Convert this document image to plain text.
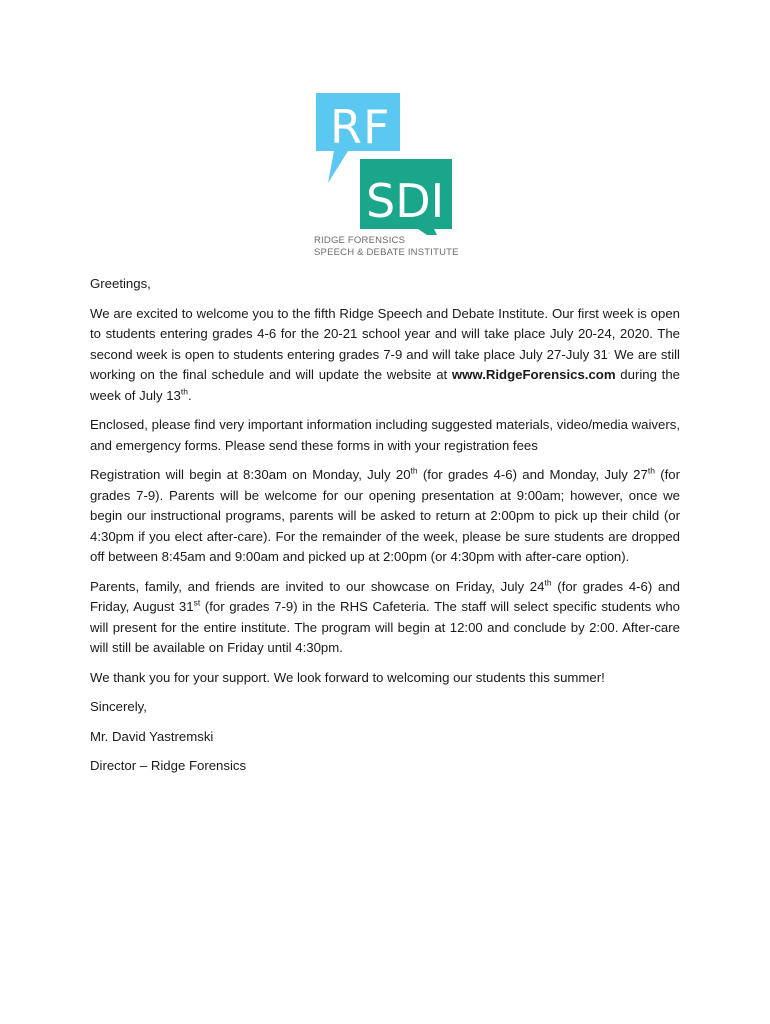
RF
SDI
RIDGE FORENSICS
SPEECH & DEBATE INSTITUTE

Greetings,

We are excited to welcome you to the fifth Ridge Speech and Debate Institute. Our first week is open to students entering grades 4-6 for the 20-21 school year and will take place July 20-24, 2020. The second week is open to students entering grades 7-9 and will take place July 27-July 31. We are still working on the final schedule and will update the website at www.RidgeForensics.com during the week of July 13th.

Enclosed, please find very important information including suggested materials, video/media waivers, and emergency forms. Please send these forms in with your registration fees

Registration will begin at 8:30am on Monday, July 20th (for grades 4-6) and Monday, July 27th (for grades 7-9). Parents will be welcome for our opening presentation at 9:00am; however, once we begin our instructional programs, parents will be asked to return at 2:00pm to pick up their child (or 4:30pm if you elect after-care). For the remainder of the week, please be sure students are dropped off between 8:45am and 9:00am and picked up at 2:00pm (or 4:30pm with after-care option).

Parents, family, and friends are invited to our showcase on Friday, July 24th (for grades 4-6) and Friday, August 31st (for grades 7-9) in the RHS Cafeteria. The staff will select specific students who will present for the entire institute. The program will begin at 12:00 and conclude by 2:00. After-care will still be available on Friday until 4:30pm.

We thank you for your support. We look forward to welcoming our students this summer!

Sincerely,

Mr. David Yastremski

Director – Ridge Forensics
